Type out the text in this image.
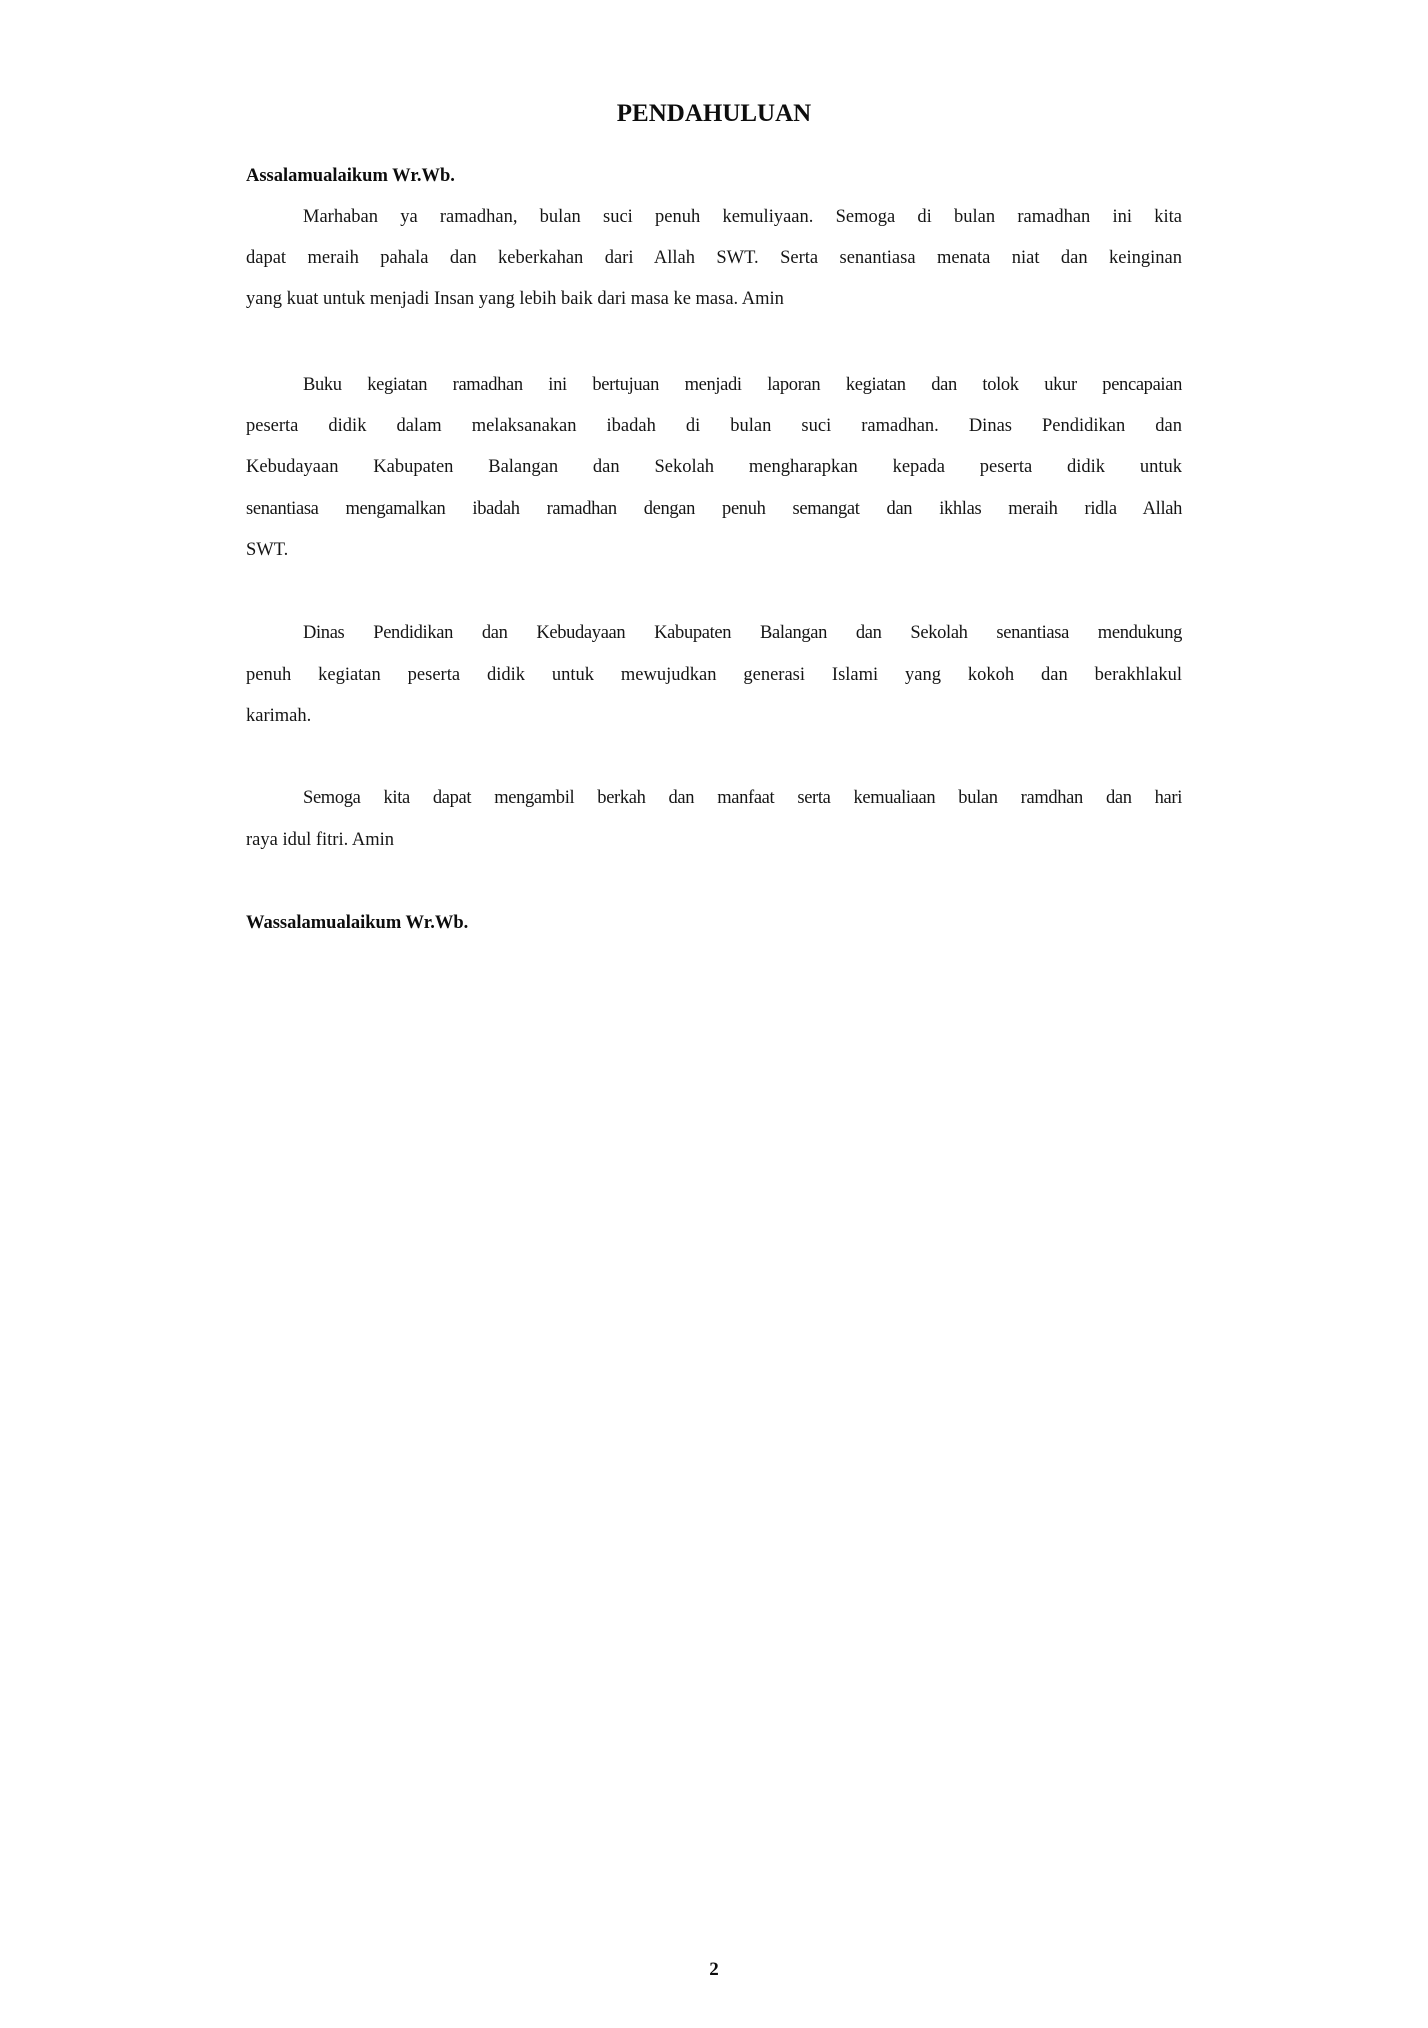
PENDAHULUAN
Assalamualaikum Wr.Wb.
Marhaban ya ramadhan, bulan suci penuh kemuliyaan. Semoga di bulan ramadhan ini kita
dapat meraih pahala dan keberkahan dari Allah SWT. Serta senantiasa menata niat dan keinginan
yang kuat untuk menjadi Insan yang lebih baik dari masa ke masa. Amin
Buku kegiatan ramadhan ini bertujuan menjadi laporan kegiatan dan tolok ukur pencapaian
peserta didik dalam melaksanakan ibadah di bulan suci ramadhan. Dinas Pendidikan dan
Kebudayaan Kabupaten Balangan dan Sekolah mengharapkan kepada peserta didik untuk
senantiasa mengamalkan ibadah ramadhan dengan penuh semangat dan ikhlas meraih ridla Allah
SWT.
Dinas Pendidikan dan Kebudayaan Kabupaten Balangan dan Sekolah senantiasa mendukung
penuh kegiatan peserta didik untuk mewujudkan generasi Islami yang kokoh dan berakhlakul
karimah.
Semoga kita dapat mengambil berkah dan manfaat serta kemualiaan bulan ramdhan dan hari
raya idul fitri. Amin
Wassalamualaikum Wr.Wb.
2
